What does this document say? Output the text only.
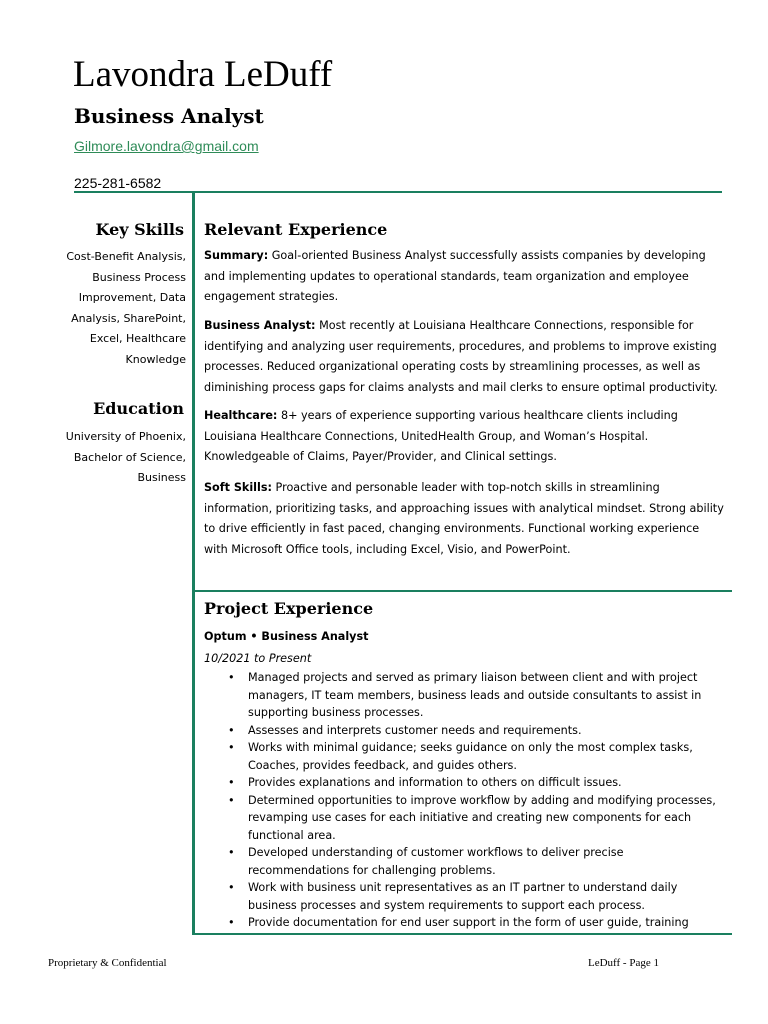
Lavondra LeDuff
Business Analyst
Gilmore.lavondra@gmail.com
225-281-6582
Key Skills
Cost-Benefit Analysis, Business Process Improvement, Data Analysis, SharePoint, Excel, Healthcare Knowledge
Education
University of Phoenix, Bachelor of Science, Business
Relevant Experience

Summary: Goal-oriented Business Analyst successfully assists companies by developing and implementing updates to operational standards, team organization and employee engagement strategies.

Business Analyst: Most recently at Louisiana Healthcare Connections, responsible for identifying and analyzing user requirements, procedures, and problems to improve existing processes. Reduced organizational operating costs by streamlining processes, as well as diminishing process gaps for claims analysts and mail clerks to ensure optimal productivity.

Healthcare: 8+ years of experience supporting various healthcare clients including Louisiana Healthcare Connections, UnitedHealth Group, and Woman’s Hospital. Knowledgeable of Claims, Payer/Provider, and Clinical settings.

Soft Skills: Proactive and personable leader with top-notch skills in streamlining information, prioritizing tasks, and approaching issues with analytical mindset. Strong ability to drive efficiently in fast paced, changing environments. Functional working experience with Microsoft Office tools, including Excel, Visio, and PowerPoint.

Project Experience
Optum • Business Analyst
10/2021 to Present
• Managed projects and served as primary liaison between client and with project managers, IT team members, business leads and outside consultants to assist in supporting business processes.
• Assesses and interprets customer needs and requirements.
• Works with minimal guidance; seeks guidance on only the most complex tasks, Coaches, provides feedback, and guides others.
• Provides explanations and information to others on difficult issues.
• Determined opportunities to improve workflow by adding and modifying processes, revamping use cases for each initiative and creating new components for each functional area.
• Developed understanding of customer workflows to deliver precise recommendations for challenging problems.
• Work with business unit representatives as an IT partner to understand daily business processes and system requirements to support each process.
• Provide documentation for end user support in the form of user guide, training
Proprietary & Confidential	LeDuff - Page 1
